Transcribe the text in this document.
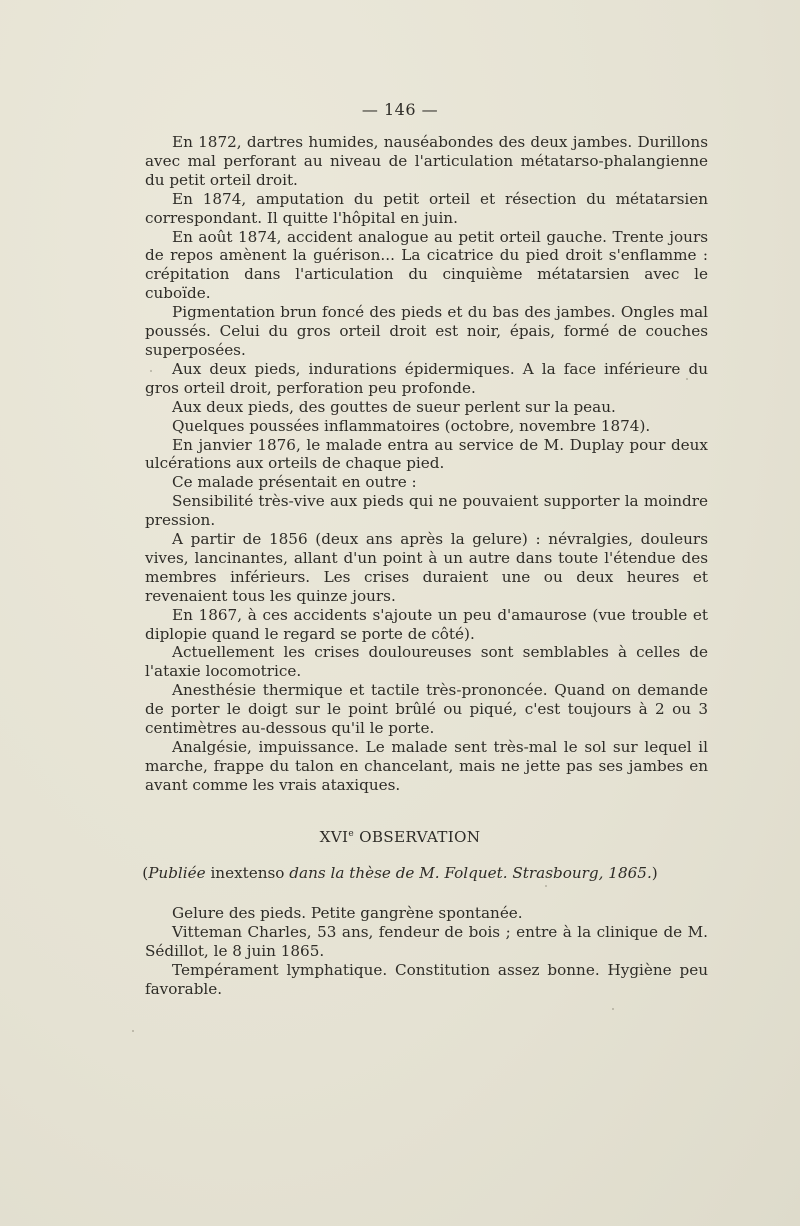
— 146 —

En 1872, dartres humides, nauséabondes des deux jambes. Durillons avec mal perforant au niveau de l'articulation métatarso-phalangienne du petit orteil droit.

En 1874, amputation du petit orteil et résection du métatarsien correspondant. Il quitte l'hôpital en juin.

En août 1874, accident analogue au petit orteil gauche. Trente jours de repos amènent la guérison... La cicatrice du pied droit s'enflamme : crépitation dans l'articulation du cinquième métatarsien avec le cuboïde.

Pigmentation brun foncé des pieds et du bas des jambes. Ongles mal poussés. Celui du gros orteil droit est noir, épais, formé de couches superposées.

Aux deux pieds, indurations épidermiques. A la face inférieure du gros orteil droit, perforation peu profonde.

Aux deux pieds, des gouttes de sueur perlent sur la peau.

Quelques poussées inflammatoires (octobre, novembre 1874).

En janvier 1876, le malade entra au service de M. Duplay pour deux ulcérations aux orteils de chaque pied.

Ce malade présentait en outre :

Sensibilité très-vive aux pieds qui ne pouvaient supporter la moindre pression.

A partir de 1856 (deux ans après la gelure) : névralgies, douleurs vives, lancinantes, allant d'un point à un autre dans toute l'étendue des membres inférieurs. Les crises duraient une ou deux heures et revenaient tous les quinze jours.

En 1867, à ces accidents s'ajoute un peu d'amaurose (vue trouble et diplopie quand le regard se porte de côté).

Actuellement les crises douloureuses sont semblables à celles de l'ataxie locomotrice.

Anesthésie thermique et tactile très-prononcée. Quand on demande de porter le doigt sur le point brûlé ou piqué, c'est toujours à 2 ou 3 centimètres au-dessous qu'il le porte.

Analgésie, impuissance. Le malade sent très-mal le sol sur lequel il marche, frappe du talon en chancelant, mais ne jette pas ses jambes en avant comme les vrais ataxiques.

XVIe OBSERVATION
(Publiée inextenso dans la thèse de M. Folquet. Strasbourg, 1865.)

Gelure des pieds. Petite gangrène spontanée.

Vitteman Charles, 53 ans, fendeur de bois ; entre à la clinique de M. Sédillot, le 8 juin 1865.

Tempérament lymphatique. Constitution assez bonne. Hygiène peu favorable.
